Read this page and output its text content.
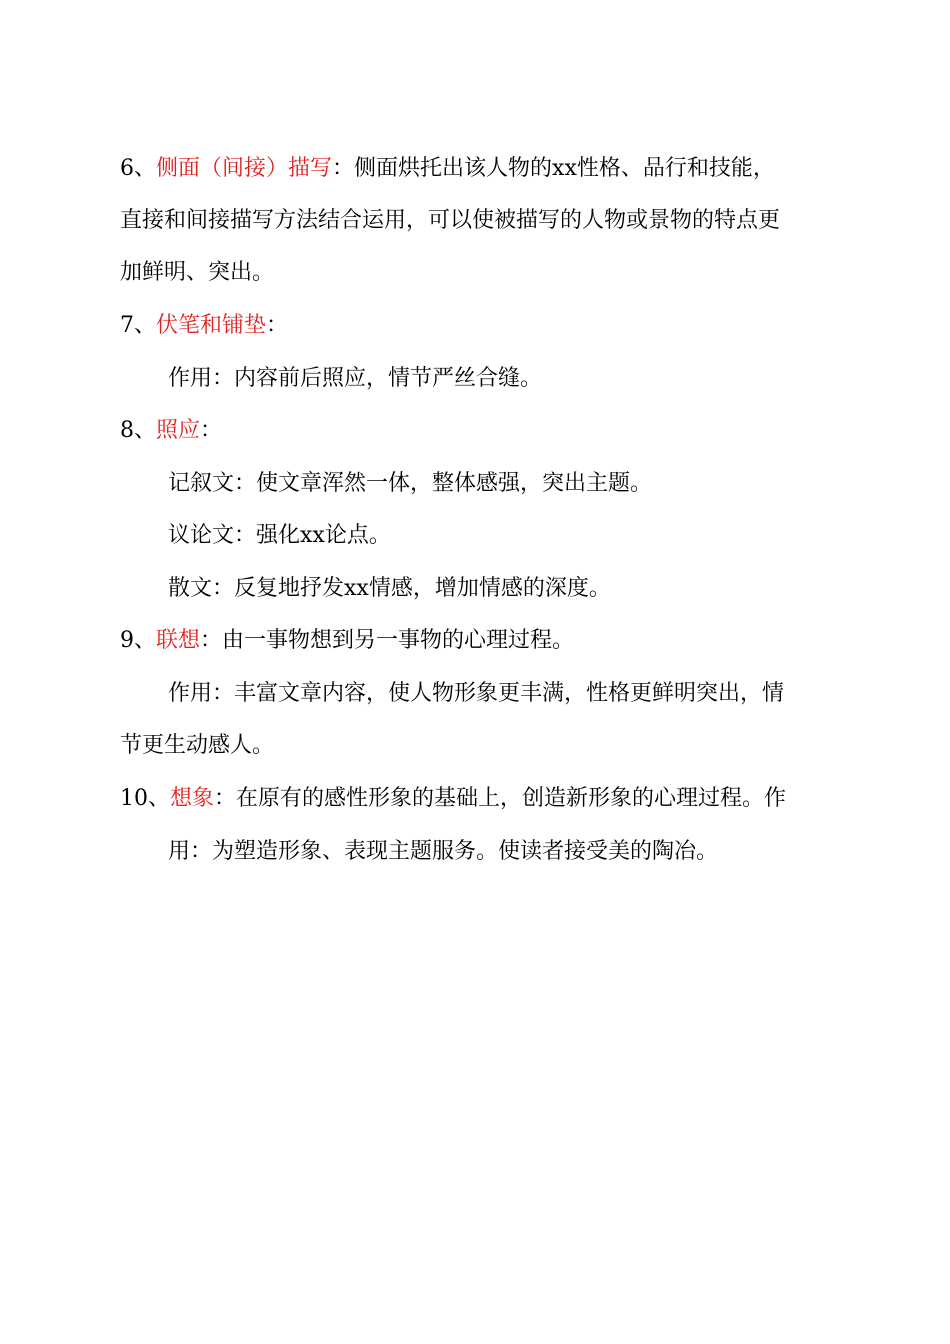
6、侧面（间接）描写：侧面烘托出该人物的xx性格、品行和技能，
直接和间接描写方法结合运用，可以使被描写的人物或景物的特点更
加鲜明、突出。
7、伏笔和铺垫：
作用：内容前后照应，情节严丝合缝。
8、照应：
记叙文：使文章浑然一体，整体感强，突出主题。
议论文：强化xx论点。
散文：反复地抒发xx情感，增加情感的深度。
9、联想：由一事物想到另一事物的心理过程。
作用：丰富文章内容，使人物形象更丰满，性格更鲜明突出，情
节更生动感人。
10、想象：在原有的感性形象的基础上，创造新形象的心理过程。作
用：为塑造形象、表现主题服务。使读者接受美的陶冶。
